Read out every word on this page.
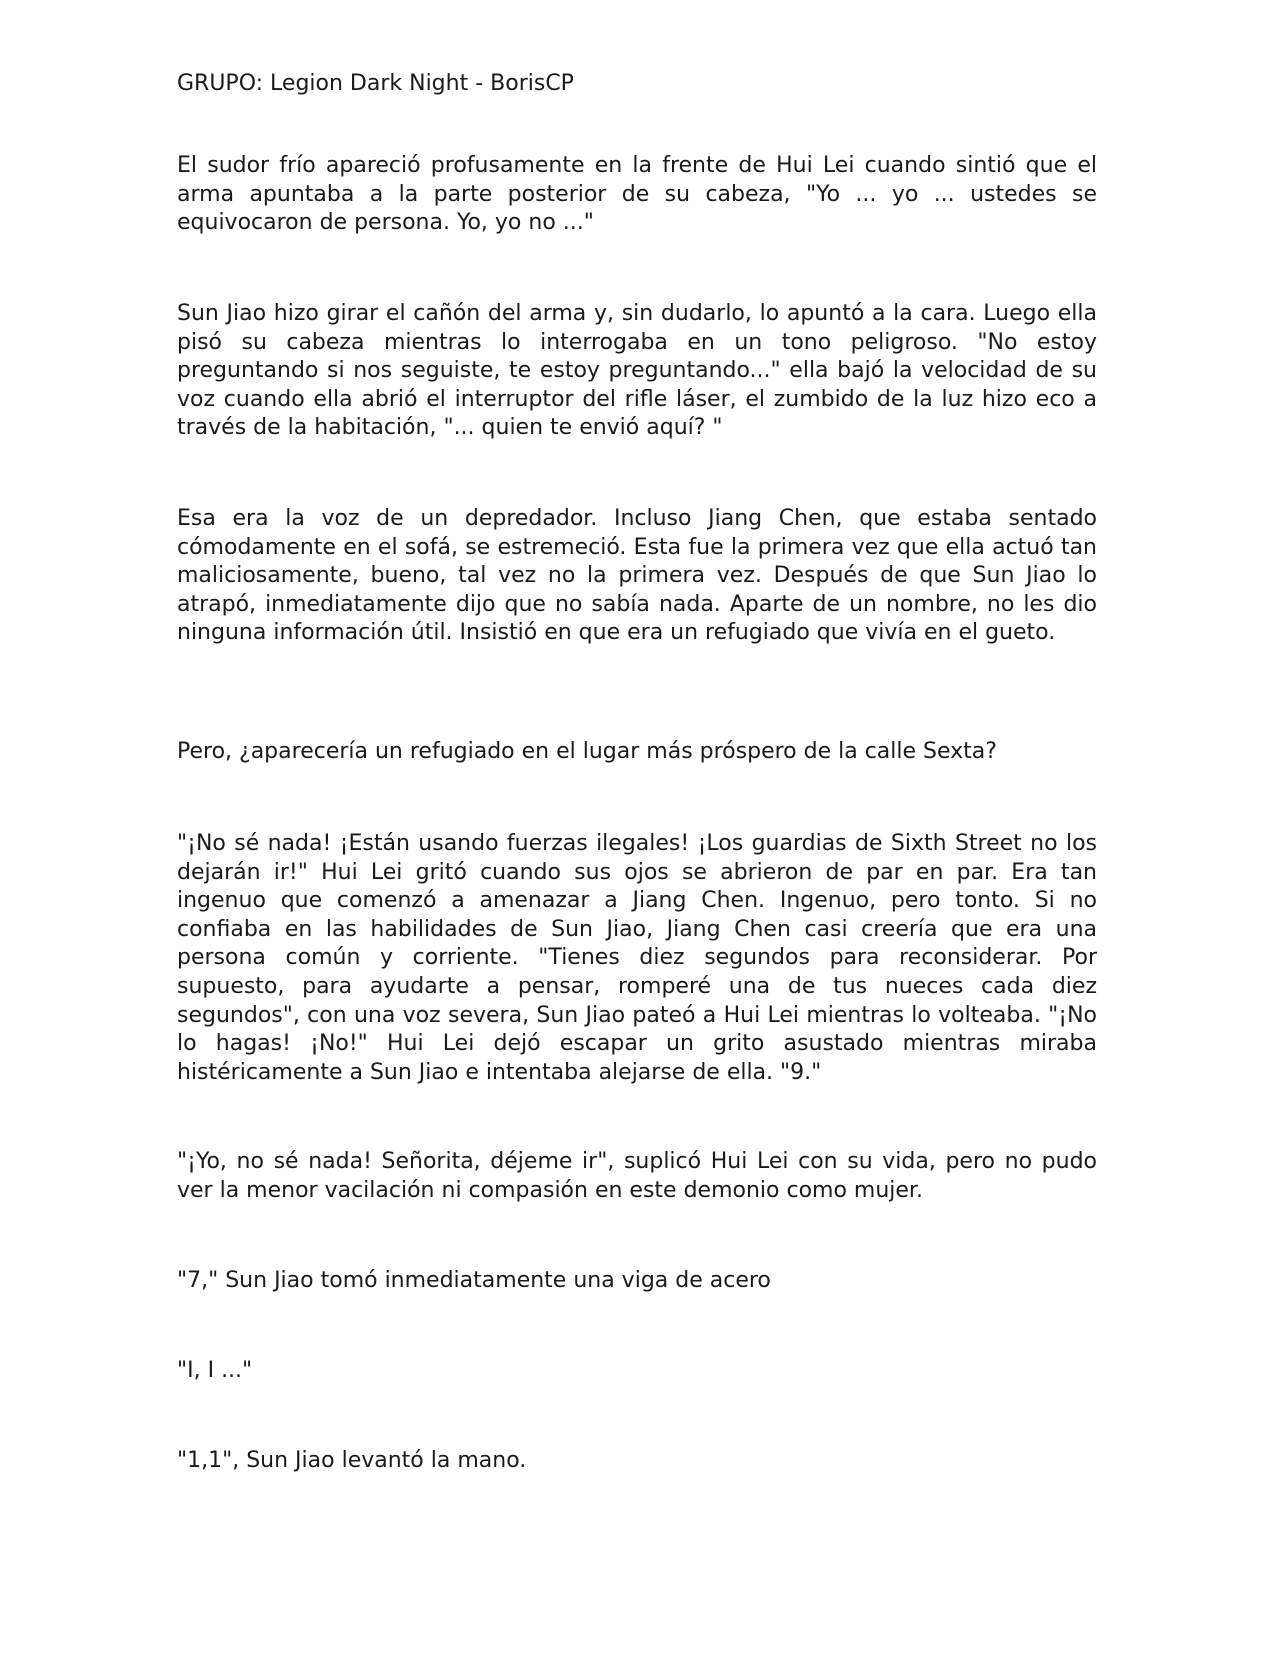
GRUPO: Legion Dark Night - BorisCP

El sudor frío apareció profusamente en la frente de Hui Lei cuando sintió que el arma apuntaba a la parte posterior de su cabeza, "Yo ... yo ... ustedes se equivocaron de persona. Yo, yo no ..."

Sun Jiao hizo girar el cañón del arma y, sin dudarlo, lo apuntó a la cara. Luego ella pisó su cabeza mientras lo interrogaba en un tono peligroso. "No estoy preguntando si nos seguiste, te estoy preguntando..." ella bajó la velocidad de su voz cuando ella abrió el interruptor del rifle láser, el zumbido de la luz hizo eco a través de la habitación, "... quien te envió aquí? "

Esa era la voz de un depredador. Incluso Jiang Chen, que estaba sentado cómodamente en el sofá, se estremeció. Esta fue la primera vez que ella actuó tan maliciosamente, bueno, tal vez no la primera vez. Después de que Sun Jiao lo atrapó, inmediatamente dijo que no sabía nada. Aparte de un nombre, no les dio ninguna información útil. Insistió en que era un refugiado que vivía en el gueto.

Pero, ¿aparecería un refugiado en el lugar más próspero de la calle Sexta?

"¡No sé nada! ¡Están usando fuerzas ilegales! ¡Los guardias de Sixth Street no los dejarán ir!" Hui Lei gritó cuando sus ojos se abrieron de par en par. Era tan ingenuo que comenzó a amenazar a Jiang Chen. Ingenuo, pero tonto. Si no confiaba en las habilidades de Sun Jiao, Jiang Chen casi creería que era una persona común y corriente. "Tienes diez segundos para reconsiderar. Por supuesto, para ayudarte a pensar, romperé una de tus nueces cada diez segundos", con una voz severa, Sun Jiao pateó a Hui Lei mientras lo volteaba. "¡No lo hagas! ¡No!" Hui Lei dejó escapar un grito asustado mientras miraba histéricamente a Sun Jiao e intentaba alejarse de ella. "9."

"¡Yo, no sé nada! Señorita, déjeme ir", suplicó Hui Lei con su vida, pero no pudo ver la menor vacilación ni compasión en este demonio como mujer.

"7," Sun Jiao tomó inmediatamente una viga de acero

"I, I ..."

"1,1", Sun Jiao levantó la mano.
